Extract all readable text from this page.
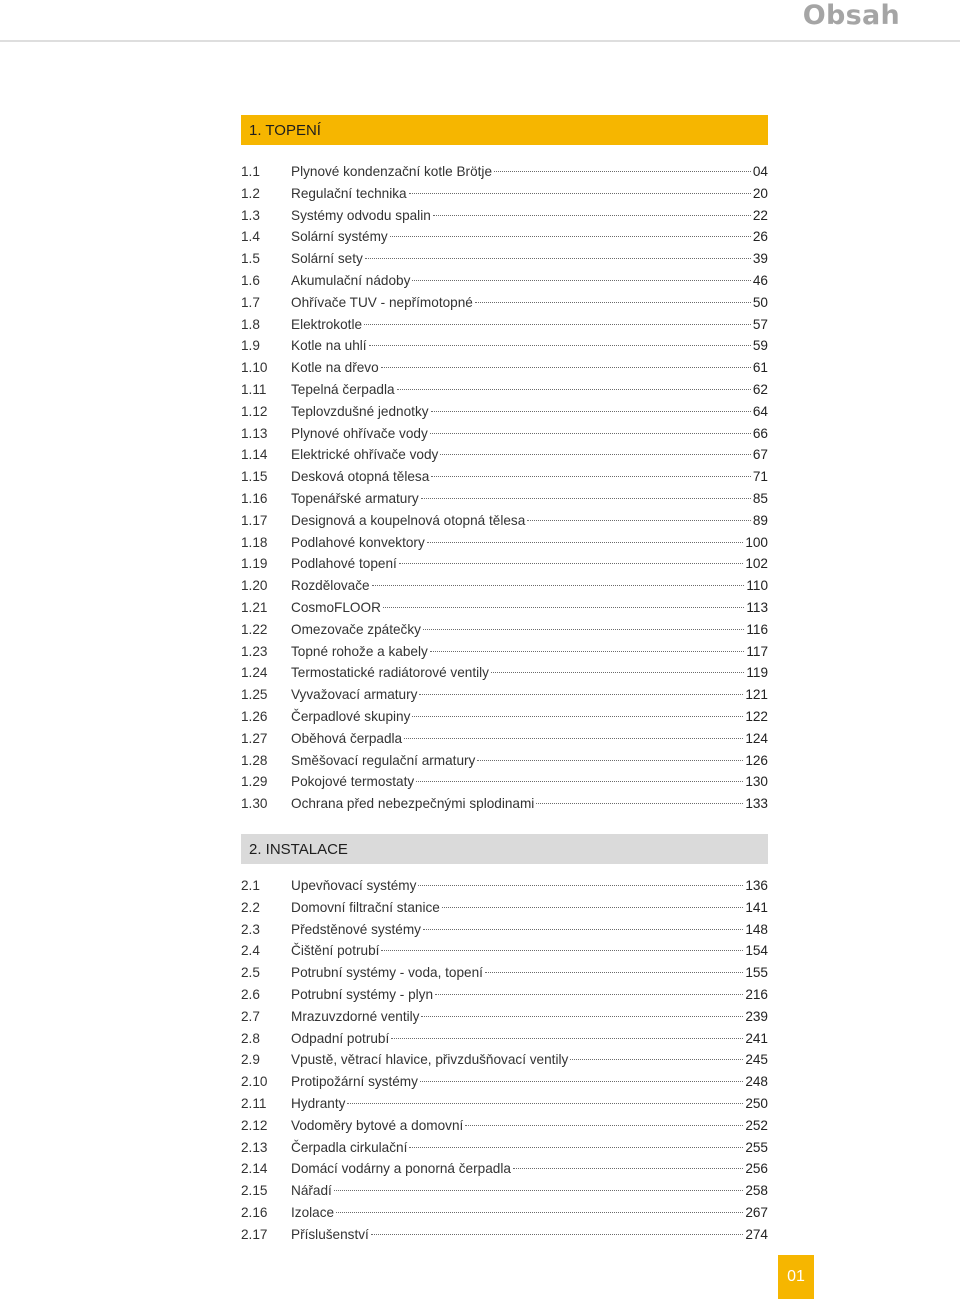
Obsah
1. TOPENÍ
1.1	Plynové kondenzační kotle Brötje	04
1.2	Regulační technika	20
1.3	Systémy odvodu spalin	22
1.4	Solární systémy	26
1.5	Solární sety	39
1.6	Akumulační nádoby	46
1.7	Ohřívače TUV - nepřímotopné	50
1.8	Elektrokotle	57
1.9	Kotle na uhlí	59
1.10	Kotle na dřevo	61
1.11	Tepelná čerpadla	62
1.12	Teplovzdušné jednotky	64
1.13	Plynové ohřívače vody	66
1.14	Elektrické ohřívače vody	67
1.15	Desková otopná tělesa	71
1.16	Topenářské armatury	85
1.17	Designová a koupelnová otopná tělesa	89
1.18	Podlahové konvektory	100
1.19	Podlahové topení	102
1.20	Rozdělovače	110
1.21	CosmoFLOOR	113
1.22	Omezovače zpátečky	116
1.23	Topné rohože a kabely	117
1.24	Termostatické radiátorové ventily	119
1.25	Vyvažovací armatury	121
1.26	Čerpadlové skupiny	122
1.27	Oběhová čerpadla	124
1.28	Směšovací regulační armatury	126
1.29	Pokojové termostaty	130
1.30	Ochrana před nebezpečnými splodinami	133
2. INSTALACE
2.1	Upevňovací systémy	136
2.2	Domovní filtrační stanice	141
2.3	Předstěnové systémy	148
2.4	Čištění potrubí	154
2.5	Potrubní systémy - voda, topení	155
2.6	Potrubní systémy - plyn	216
2.7	Mrazuvzdorné ventily	239
2.8	Odpadní potrubí	241
2.9	Vpustě, větrací hlavice, přivzdušňovací ventily	245
2.10	Protipožární systémy	248
2.11	Hydranty	250
2.12	Vodoměry bytové a domovní	252
2.13	Čerpadla cirkulační	255
2.14	Domácí vodárny a ponorná čerpadla	256
2.15	Nářadí	258
2.16	Izolace	267
2.17	Příslušenství	274
01
